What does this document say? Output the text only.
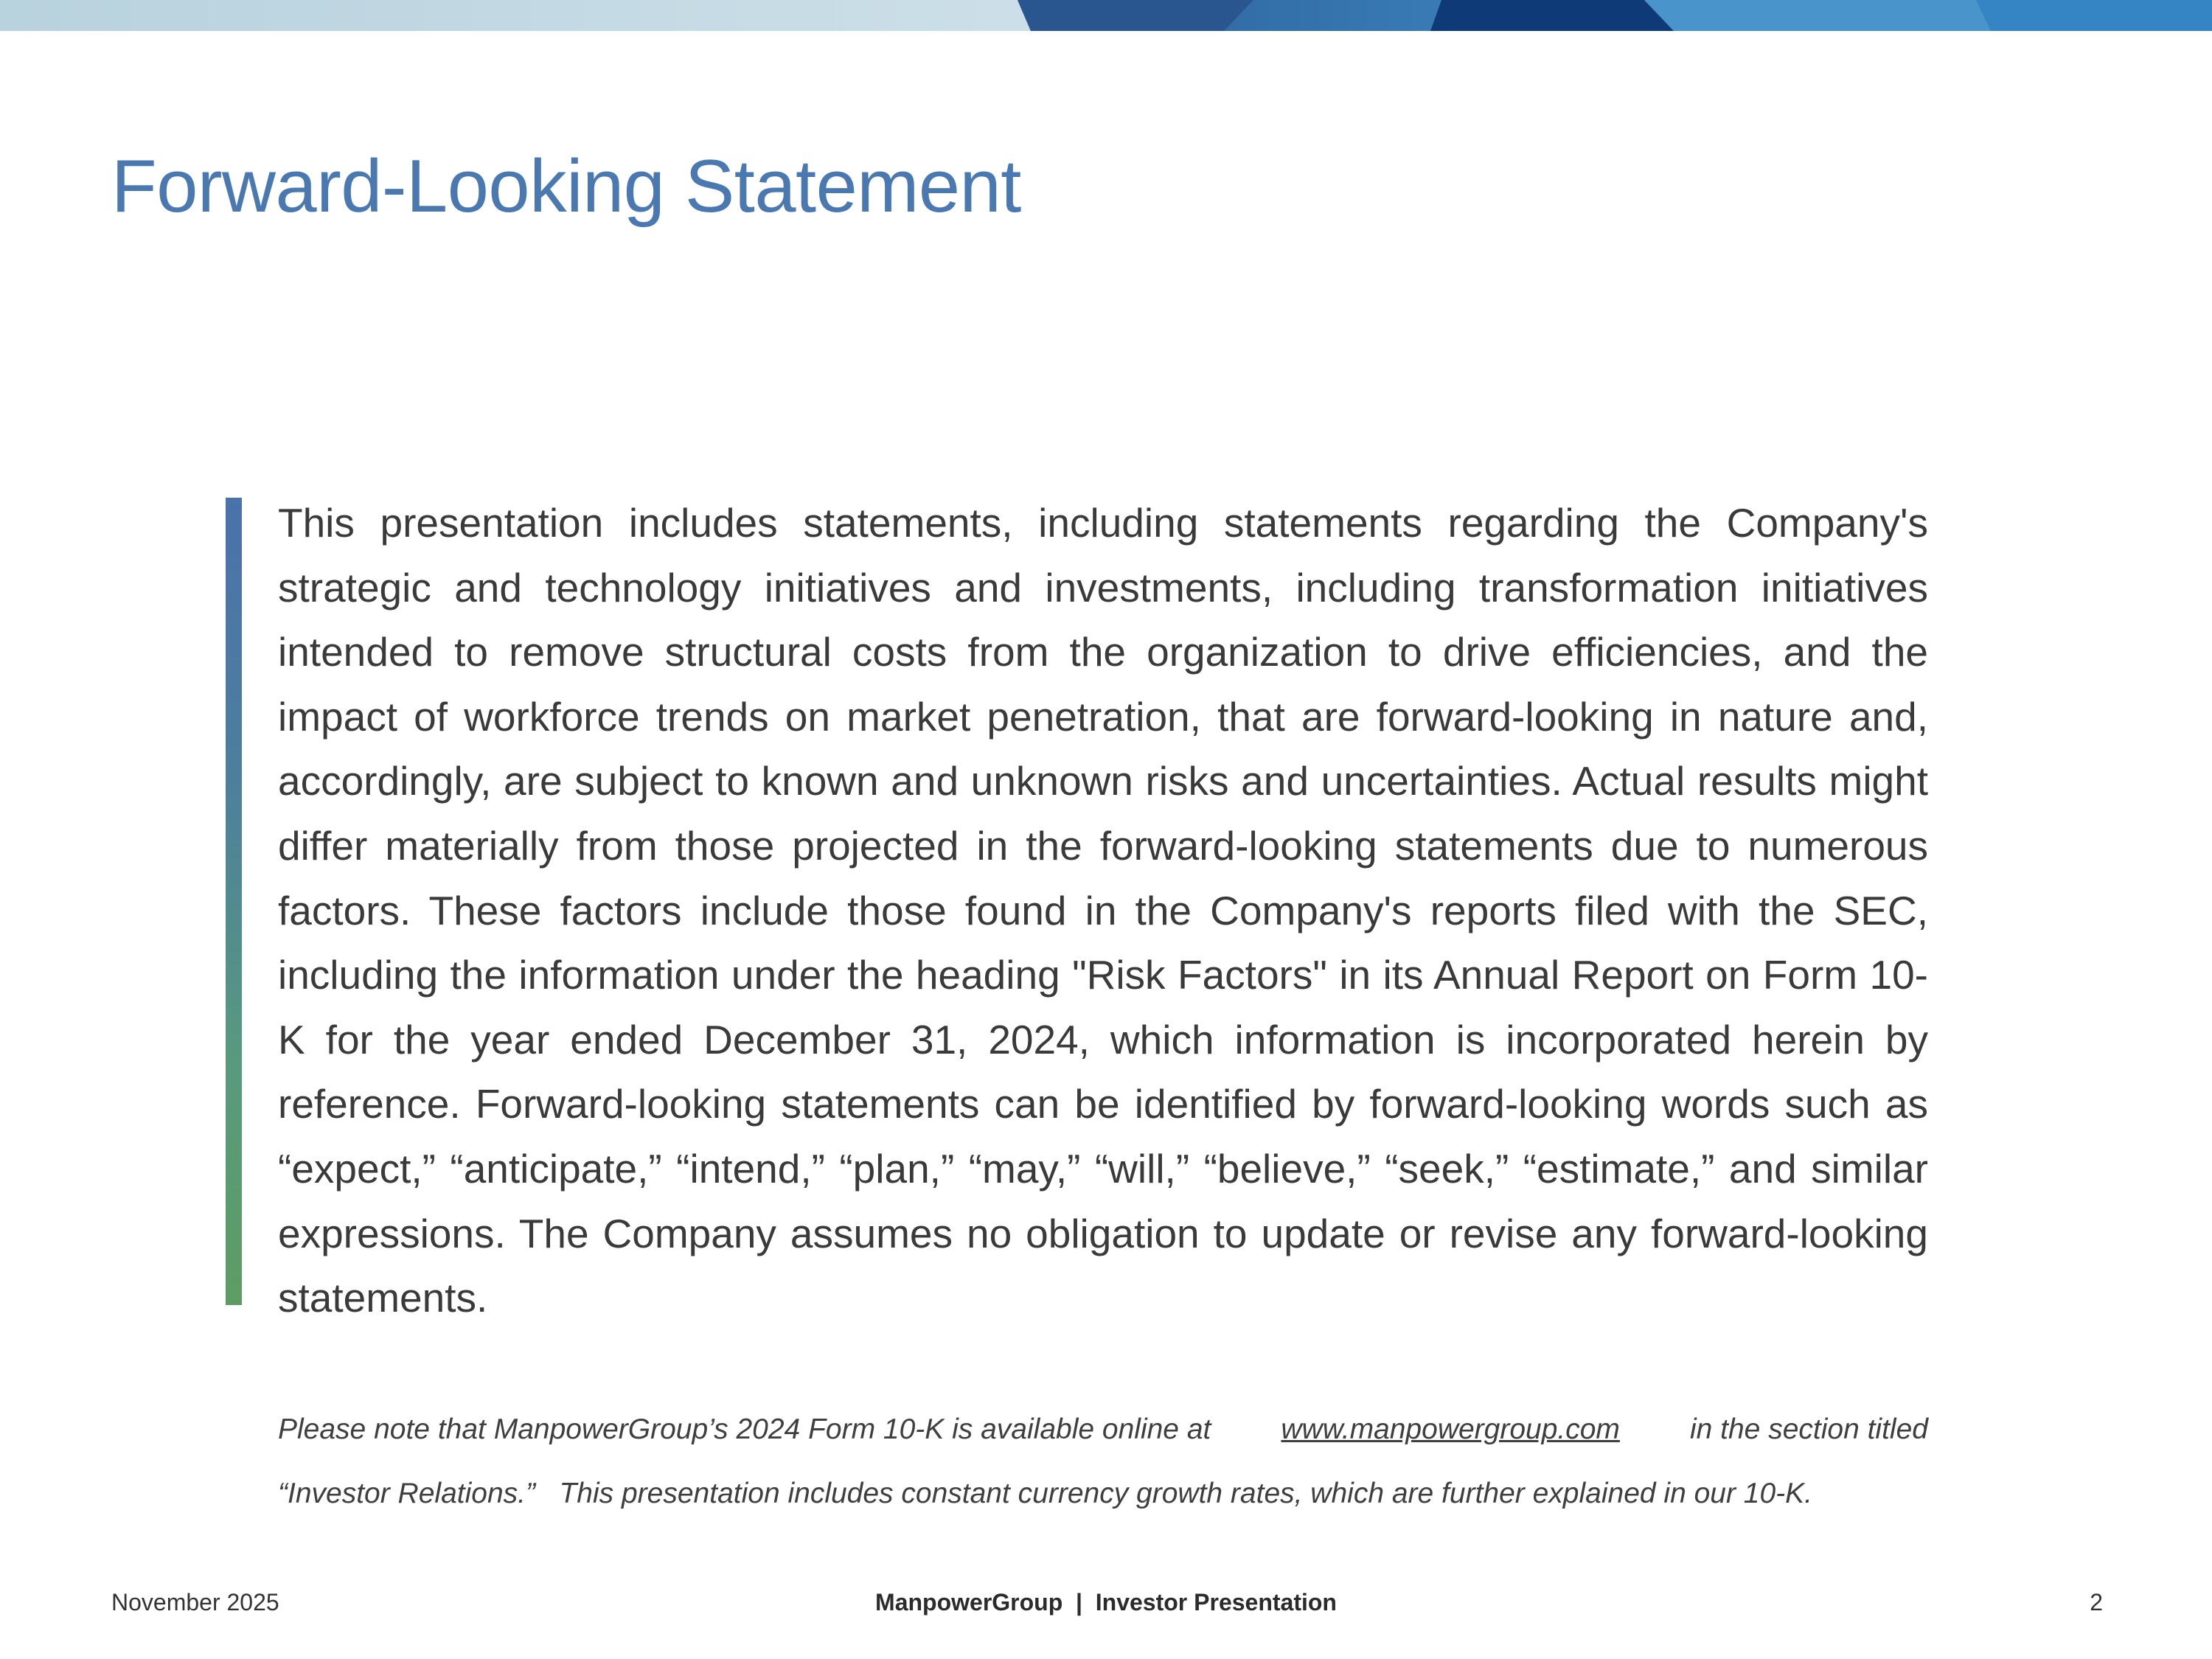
Forward-Looking Statement

This presentation includes statements, including statements regarding the Company's strategic and technology initiatives and investments, including transformation initiatives intended to remove structural costs from the organization to drive efficiencies, and the impact of workforce trends on market penetration, that are forward-looking in nature and, accordingly, are subject to known and unknown risks and uncertainties. Actual results might differ materially from those projected in the forward-looking statements due to numerous factors. These factors include those found in the Company's reports filed with the SEC, including the information under the heading "Risk Factors" in its Annual Report on Form 10-K for the year ended December 31, 2024, which information is incorporated herein by reference. Forward-looking statements can be identified by forward-looking words such as “expect,” “anticipate,” “intend,” “plan,” “may,” “will,” “believe,” “seek,” “estimate,” and similar expressions. The Company assumes no obligation to update or revise any forward-looking statements.

Please note that ManpowerGroup’s 2024 Form 10-K is available online at www.manpowergroup.com in the section titled
“Investor Relations.”   This presentation includes constant currency growth rates, which are further explained in our 10-K.
November 2025	ManpowerGroup  |  Investor Presentation	2
